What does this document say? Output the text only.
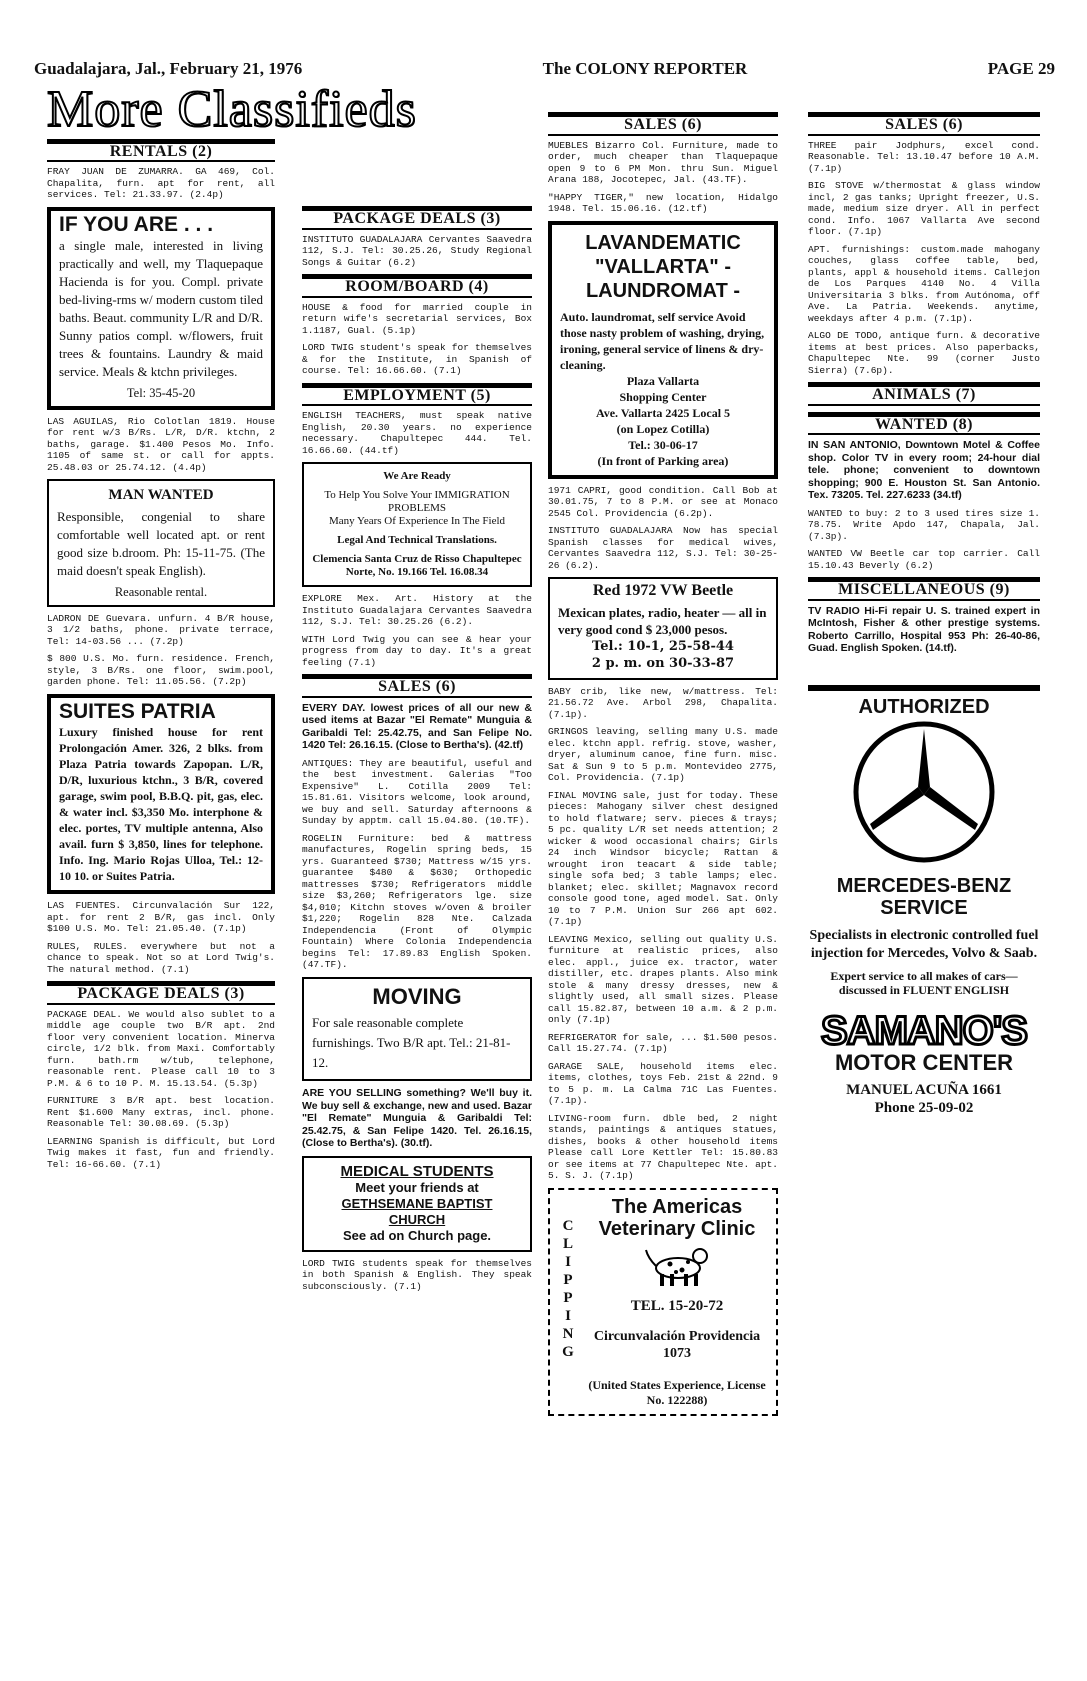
Guadalajara, Jal., February 21, 1976	The COLONY REPORTER	PAGE 29
More Classifieds
RENTALS (2)

FRAY JUAN DE ZUMARRA. GA 469, Col. Chapalita, furn. apt for rent, all services. Tel: 21.33.97. (2.4p)

IF YOU ARE . . .
a single male, interested in living practically and well, my Tlaquepaque Hacienda is for you. Compl. private bed-living-rms w/ modern custom tiled baths. Beaut. community L/R and D/R. Sunny patios compl. w/flowers, fruit trees & fountains. Laundry & maid service. Meals & ktchn privileges.
Tel: 35-45-20

LAS AGUILAS, Rio Colotlan 1819. House for rent w/3 B/Rs. L/R, D/R. ktchn, 2 baths, garage. $1.400 Pesos Mo. Info. 1105 of same st. or call for appts. 25.48.03 or 25.74.12. (4.4p)

MAN WANTED
Responsible, congenial to share comfortable well located apt. or rent good size b.droom. Ph: 15-11-75. (The maid doesn't speak English).
Reasonable rental.

LADRON DE Guevara. unfurn. 4 B/R house, 3 1/2 baths, phone. private terrace, Tel: 14-03.56 ... (7.2p)

$ 800 U.S. Mo. furn. residence. French, style, 3 B/Rs. one floor, swim.pool, garden phone. Tel: 11.05.56. (7.2p)

SUITES PATRIA
Luxury finished house for rent Prolongación Amer. 326, 2 blks. from Plaza Patria towards Zapopan. L/R, D/R, luxurious ktchn., 3 B/R, covered garage, swim pool, B.B.Q. pit, gas, elec. & water incl. $3,350 Mo. interphone & elec. portes, TV multiple antenna, Also avail. furn $ 3,850, lines for telephone. Info. Ing. Mario Rojas Ulloa, Tel.: 12-10 10. or Suites Patria.

LAS FUENTES. Circunvalación Sur 122, apt. for rent 2 B/R, gas incl. Only $100 U.S. Mo. Tel: 21.05.40. (7.1p)

RULES, RULES. everywhere but not a chance to speak. Not so at Lord Twig's. The natural method. (7.1)

PACKAGE DEALS (3)

PACKAGE DEAL. We would also sublet to a middle age couple two B/R apt. 2nd floor very convenient location. Minerva circle, 1/2 blk. from Maxi. Comfortably furn. bath.rm w/tub, telephone, reasonable rent. Please call 10 to 3 P.M. & 6 to 10 P. M. 15.13.54. (5.3p)

FURNITURE 3 B/R apt. best location. Rent $1.600 Many extras, incl. phone. Reasonable Tel: 30.08.69. (5.3p)

LEARNING Spanish is difficult, but Lord Twig makes it fast, fun and friendly. Tel: 16-66.60. (7.1)

PACKAGE DEALS (3)

INSTITUTO GUADALAJARA Cervantes Saavedra 112, S.J. Tel: 30.25.26, Study Regional Songs & Guitar (6.2)

ROOM/BOARD (4)

HOUSE & food for married couple in return wife's secretarial services, Box 1.1187, Gual. (5.1p)

LORD TWIG student's speak for themselves & for the Institute, in Spanish of course. Tel: 16.66.60. (7.1)

EMPLOYMENT (5)

ENGLISH TEACHERS, must speak native English, 20.30 years. no experience necessary. Chapultepec 444. Tel. 16.66.60. (44.tf)

We Are Ready
To Help You Solve Your IMMIGRATION PROBLEMS
Many Years Of Experience In The Field
Legal And Technical Translations.
Clemencia Santa Cruz de Risso Chapultepec Norte, No. 19.166 Tel. 16.08.34

EXPLORE Mex. Art. History at the Instituto Guadalajara Cervantes Saavedra 112, S.J. Tel: 30.25.26 (6.2).

WITH Lord Twig you can see & hear your progress from day to day. It's a great feeling (7.1)

SALES (6)

EVERY DAY. lowest prices of all our new & used items at Bazar "El Remate" Munguia & Garibaldi Tel: 25.42.75, and San Felipe No. 1420 Tel: 26.16.15. (Close to Bertha's). (42.tf)

ANTIQUES: They are beautiful, useful and the best investment. Galerias "Too Expensive" L. Cotilla 2009 Tel: 15.81.61. Visitors welcome, look around, we buy and sell. Saturday afternoons & Sunday by apptm. call 15.04.80. (10.TF).

ROGELIN Furniture: bed & mattress manufactures, Rogelin spring beds, 15 yrs. Guaranteed $730; Mattress w/15 yrs. guarantee $480 & $630; Orthopedic mattresses $730; Refrigerators middle size $3,260; Refrigerators lge. size $4,010; Kitchn stoves w/oven & broiler $1,220; Rogelin 828 Nte. Calzada Independencia (Front of Olympic Fountain) Where Colonia Independencia begins Tel: 17.89.83 English Spoken. (47.TF).

MOVING
For sale reasonable complete furnishings. Two B/R apt. Tel.: 21-81-12.

ARE YOU SELLING something? We'll buy it. We buy sell & exchange, new and used. Bazar "El Remate" Munguia & Garibaldi Tel: 25.42.75, & San Felipe 1420. Tel. 26.16.15, (Close to Bertha's). (30.tf).

MEDICAL STUDENTS
Meet your friends at
GETHSEMANE BAPTIST CHURCH
See ad on Church page.

LORD TWIG students speak for themselves in both Spanish & English. They speak subconsciously. (7.1)

SALES (6)

MUEBLES Bizarro Col. Furniture, made to order, much cheaper than Tlaquepaque open 9 to 6 PM Mon. thru Sun. Miguel Arana 188, Jocotepec, Jal. (43.TF).

"HAPPY TIGER," new location, Hidalgo 1948. Tel. 15.06.16. (12.tf)

LAVANDEMATIC "VALLARTA" - LAUNDROMAT -
Auto. laundromat, self service Avoid those nasty problem of washing, drying, ironing, general service of linens & dry-cleaning.
Plaza Vallarta
Shopping Center
Ave. Vallarta 2425 Local 5
(on Lopez Cotilla)
Tel.: 30-06-17
(In front of Parking area)

1971 CAPRI, good condition. Call Bob at 30.01.75, 7 to 8 P.M. or see at Monaco 2545 Col. Providencia (6.2p).

INSTITUTO GUADALAJARA Now has special Spanish classes for medical wives, Cervantes Saavedra 112, S.J. Tel: 30-25-26 (6.2).

Red 1972 VW Beetle
Mexican plates, radio, heater — all in very good cond $ 23,000 pesos.
Tel.: 10-1, 25-58-44
2 p. m. on 30-33-87

BABY crib, like new, w/mattress. Tel: 21.56.72 Ave. Arbol 298, Chapalita. (7.1p).

GRINGOS leaving, selling many U.S. made elec. ktchn appl. refrig. stove, washer, dryer, aluminum canoe, fine furn. misc. Sat & Sun 9 to 5 p.m. Montevideo 2775, Col. Providencia. (7.1p)

FINAL MOVING sale, just for today. These pieces: Mahogany silver chest designed to hold flatware; serv. pieces & trays; 5 pc. quality L/R set needs attention; 2 wicker & wood occasional chairs; Girls 24 inch Windsor bicycle; Rattan & wrought iron teacart & side table; single sofa bed; 3 table lamps; elec. blanket; elec. skillet; Magnavox record console good tone, aged model. Sat. Only 10 to 7 P.M. Union Sur 266 apt 602. (7.1p)

LEAVING Mexico, selling out quality U.S. furniture at realistic prices, also elec. appl., juice ex. tractor, water distiller, etc. drapes plants. Also mink stole & many dressy dresses, new & slightly used, all small sizes. Please call 15.82.87, between 10 a.m. & 2 p.m. only (7.1p)

REFRIGERATOR for sale, ... $1.500 pesos. Call 15.27.74. (7.1p)

GARAGE SALE, household items elec. items, clothes, toys Feb. 21st & 22nd. 9 to 5 p. m. La Calma 71C Las Fuentes. (7.1p).

LIVING-room furn. dble bed, 2 night stands, paintings & antiques statues, dishes, books & other household items Please call Lore Kettler Tel: 15.80.83 or see items at 77 Chapultepec Nte. apt. 5. S. J. (7.1p)

CLIPPING
The Americas Veterinary Clinic
TEL. 15-20-72
Circunvalación Providencia 1073
(United States Experience, License No. 122288)
SALES (6)

THREE pair Jodphurs, excel cond. Reasonable. Tel: 13.10.47 before 10 A.M. (7.1p)

BIG STOVE w/thermostat & glass window incl, 2 gas tanks; Upright freezer, U.S. made, medium size dryer. All in perfect cond. Info. 1067 Vallarta Ave second floor. (7.1p)

APT. furnishings: custom.made mahogany couches, glass coffee table, bed, plants, appl & household items. Callejon de Los Parques 4140 No. 4 Villa Universitaria 3 blks. from Autónoma, off Ave. La Patria. Weekends. anytime, weekdays after 4 p.m. (7.1p).

ALGO DE TODO, antique furn. & decorative items at best prices. Also paperbacks, Chapultepec Nte. 99 (corner Justo Sierra) (7.6p).

ANIMALS (7)
WANTED (8)

IN SAN ANTONIO, Downtown Motel & Coffee shop. Color TV in every room; 24-hour dial tele. phone; convenient to downtown shopping; 900 E. Houston St. San Antonio. Tex. 73205. Tel. 227.6233 (34.tf)

WANTED to buy: 2 to 3 used tires size 1. 78.75. Write Apdo 147, Chapala, Jal. (7.3p).

WANTED VW Beetle car top carrier. Call 15.10.43 Beverly (6.2)

MISCELLANEOUS (9)

TV RADIO Hi-Fi repair U. S. trained expert in McIntosh, Fisher & other prestige systems. Roberto Carrillo, Hospital 953 Ph: 26-40-86, Guad. English Spoken. (14.tf).

AUTHORIZED
MERCEDES-BENZ SERVICE
Specialists in electronic controlled fuel injection for Mercedes, Volvo & Saab.
Expert service to all makes of cars—discussed in FLUENT ENGLISH
SAMANO'S
MOTOR CENTER
MANUEL ACUÑA 1661
Phone 25-09-02
